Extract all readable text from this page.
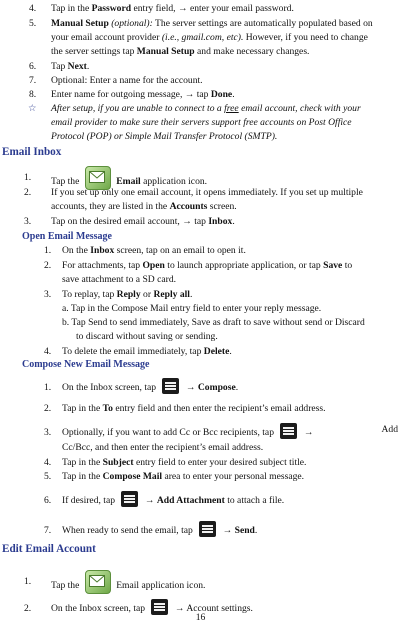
4. Tap in the Password entry field, → enter your email password.
5. Manual Setup (optional): The server settings are automatically populated based on
your email account provider (i.e., gmail.com, etc). However, if you need to change
the server settings tap Manual Setup and make necessary changes.
6. Tap Next.
7. Optional: Enter a name for the account.
8. Enter name for outgoing message, → tap Done.
☆ After setup, if you are unable to connect to a free email account, check with your
email provider to make sure their servers support free accounts on Post Office
Protocol (POP) or Simple Mail Transfer Protocol (SMTP).
Email Inbox
1. Tap the	Email application icon.
2. If you set up only one email account, it opens immediately. If you set up multiple
accounts, they are listed in the Accounts screen.
3. Tap on the desired email account, → tap Inbox.
Open Email Message
1. On the Inbox screen, tap on an email to open it.
2. For attachments, tap Open to launch appropriate application, or tap Save to
save attachment to a SD card.
3. To replay, tap Reply or Reply all.
a. Tap in the Compose Mail entry field to enter your reply message.
b. Tap Send to send immediately, Save as draft to save without send or Discard
to discard without saving or sending.
4. To delete the email immediately, tap Delete.
Compose New Email Message
1. On the Inbox screen, tap	→ Compose.
2. Tap in the To entry field and then enter the recipient’s email address.
3. Optionally, if you want to add Cc or Bcc recipients, tap	→	Add
Cc/Bcc, and then enter the recipient’s email address.
4. Tap in the Subject entry field to enter your desired subject title.
5. Tap in the Compose Mail area to enter your personal message.
6. If desired, tap	→ Add Attachment to attach a file.
7. When ready to send the email, tap	→ Send.
Edit Email Account
1. Tap the	Email application icon.
2. On the Inbox screen, tap	→ Account settings.
16
